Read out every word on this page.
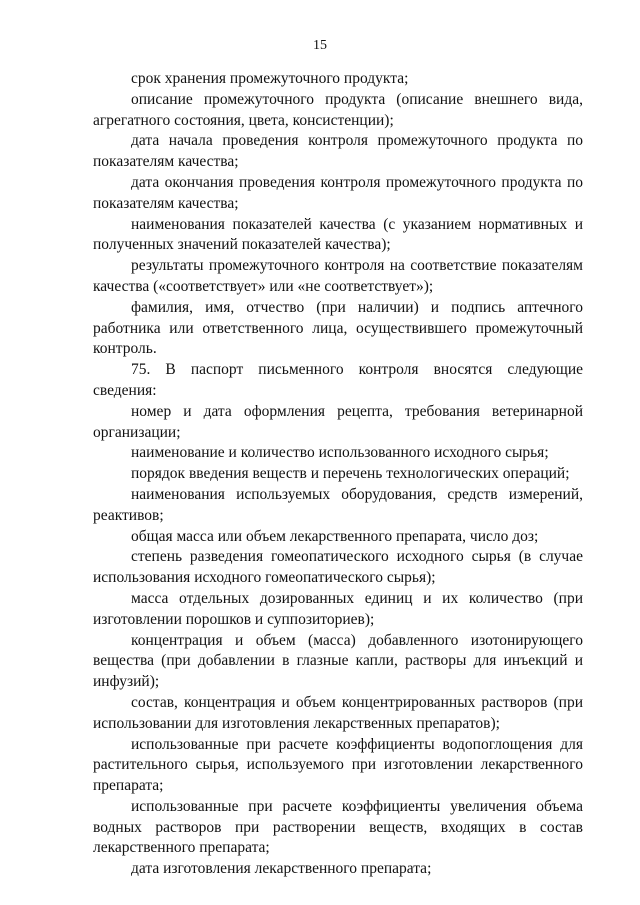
15

срок хранения промежуточного продукта;

описание промежуточного продукта (описание внешнего вида, агрегатного состояния, цвета, консистенции);

дата начала проведения контроля промежуточного продукта по показателям качества;

дата окончания проведения контроля промежуточного продукта по показателям качества;

наименования показателей качества (с указанием нормативных и полученных значений показателей качества);

результаты промежуточного контроля на соответствие показателям качества («соответствует» или «не соответствует»);

фамилия, имя, отчество (при наличии) и подпись аптечного работника или ответственного лица, осуществившего промежуточный контроль.

75. В паспорт письменного контроля вносятся следующие сведения:

номер и дата оформления рецепта, требования ветеринарной организации;

наименование и количество использованного исходного сырья;

порядок введения веществ и перечень технологических операций;

наименования используемых оборудования, средств измерений, реактивов;

общая масса или объем лекарственного препарата, число доз;

степень разведения гомеопатического исходного сырья (в случае использования исходного гомеопатического сырья);

масса отдельных дозированных единиц и их количество (при изготовлении порошков и суппозиториев);

концентрация и объем (масса) добавленного изотонирующего вещества (при добавлении в глазные капли, растворы для инъекций и инфузий);

состав, концентрация и объем концентрированных растворов (при использовании для изготовления лекарственных препаратов);

использованные при расчете коэффициенты водопоглощения для растительного сырья, используемого при изготовлении лекарственного препарата;

использованные при расчете коэффициенты увеличения объема водных растворов при растворении веществ, входящих в состав лекарственного препарата;

дата изготовления лекарственного препарата;
